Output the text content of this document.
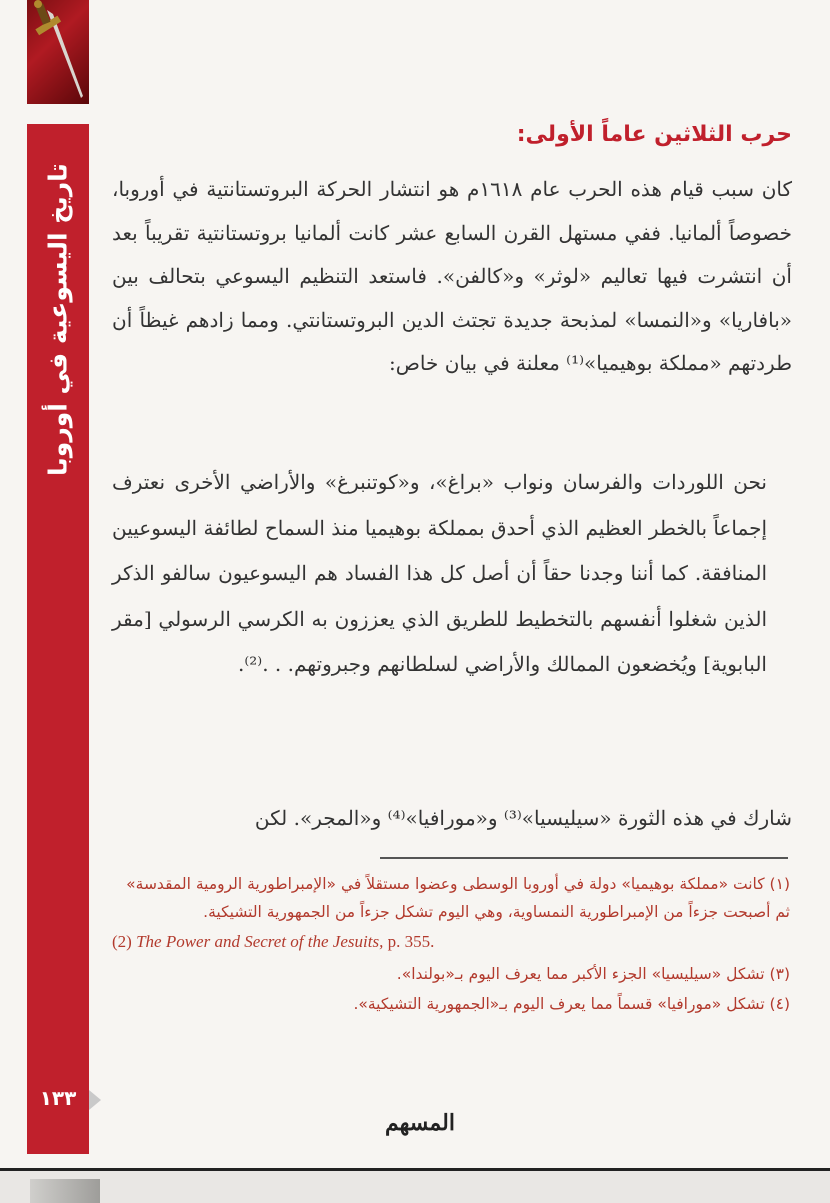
تاريخ اليسوعية في أوروبا
١٣٣
حرب الثلاثين عاماً الأولى:
كان سبب قيام هذه الحرب عام ١٦١٨م هو انتشار الحركة البروتستانتية في أوروبا، خصوصاً ألمانيا. ففي مستهل القرن السابع عشر كانت ألمانيا بروتستانتية تقريباً بعد أن انتشرت فيها تعاليم «لوثر» و«كالفن». فاستعد التنظيم اليسوعي بتحالف بين «بافاريا» و«النمسا» لمذبحة جديدة تجتث الدين البروتستانتي. ومما زادهم غيظاً أن طردتهم «مملكة بوهيميا»⁽¹⁾ معلنة في بيان خاص:
نحن اللوردات والفرسان ونواب «براغ»، و«كوتنبرغ» والأراضي الأخرى نعترف إجماعاً بالخطر العظيم الذي أحدق بمملكة بوهيميا منذ السماح لطائفة اليسوعيين المنافقة. كما أننا وجدنا حقاً أن أصل كل هذا الفساد هم اليسوعيون سالفو الذكر الذين شغلوا أنفسهم بالتخطيط للطريق الذي يعززون به الكرسي الرسولي [مقر البابوية] ويُخضعون الممالك والأراضي لسلطانهم وجبروتهم. . .⁽²⁾.
شارك في هذه الثورة «سيليسيا»⁽³⁾ و«مورافيا»⁽⁴⁾ و«المجر». لكن
(١) كانت «مملكة بوهيميا» دولة في أوروبا الوسطى وعضوا مستقلاً في «الإمبراطورية الرومية المقدسة» ثم أصبحت جزءاً من الإمبراطورية النمساوية، وهي اليوم تشكل جزءاً من الجمهورية التشيكية.
(2) The Power and Secret of the Jesuits, p. 355.
(٣) تشكل «سيليسيا» الجزء الأكبر مما يعرف اليوم بـ«بولندا».
(٤) تشكل «مورافيا» قسماً مما يعرف اليوم بـ«الجمهورية التشيكية».
المسهم
